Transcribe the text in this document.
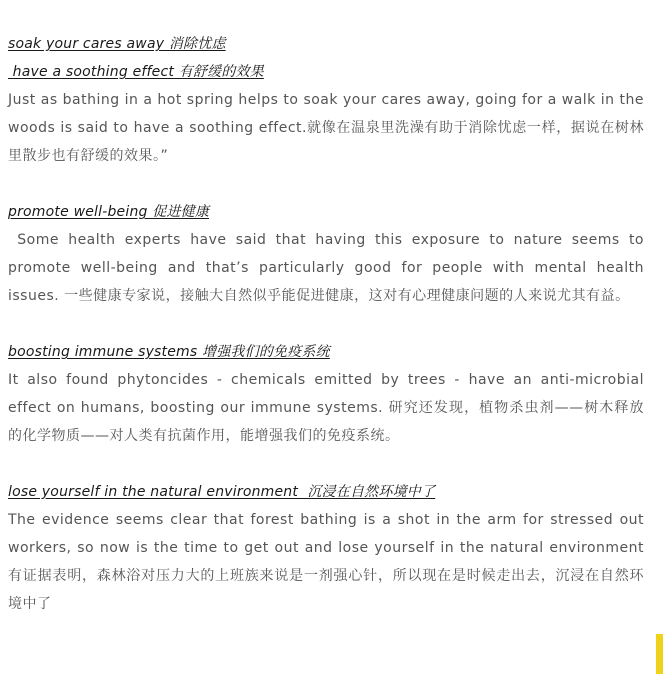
soak your cares away 消除忧虑
have a soothing effect 有舒缓的效果

Just as bathing in a hot spring helps to soak your cares away, going for a walk in the woods is said to have a soothing effect.就像在温泉里洗澡有助于消除忧虑一样，据说在树林里散步也有舒缓的效果。”

promote well-being 促进健康

Some health experts have said that having this exposure to nature seems to promote well-being and that’s particularly good for people with mental health issues. 一些健康专家说，接触大自然似乎能促进健康，这对有心理健康问题的人来说尤其有益。

boosting immune systems 增强我们的免疫系统

It also found phytoncides - chemicals emitted by trees - have an anti-microbial effect on humans, boosting our immune systems. 研究还发现，植物杀虫剂——树木释放的化学物质——对人类有抗菌作用，能增强我们的免疫系统。

lose yourself in the natural environment  沉浸在自然环境中了

The evidence seems clear that forest bathing is a shot in the arm for stressed out workers, so now is the time to get out and lose yourself in the natural environment 有证据表明，森林浴对压力大的上班族来说是一剂强心针，所以现在是时候走出去，沉浸在自然环境中了
